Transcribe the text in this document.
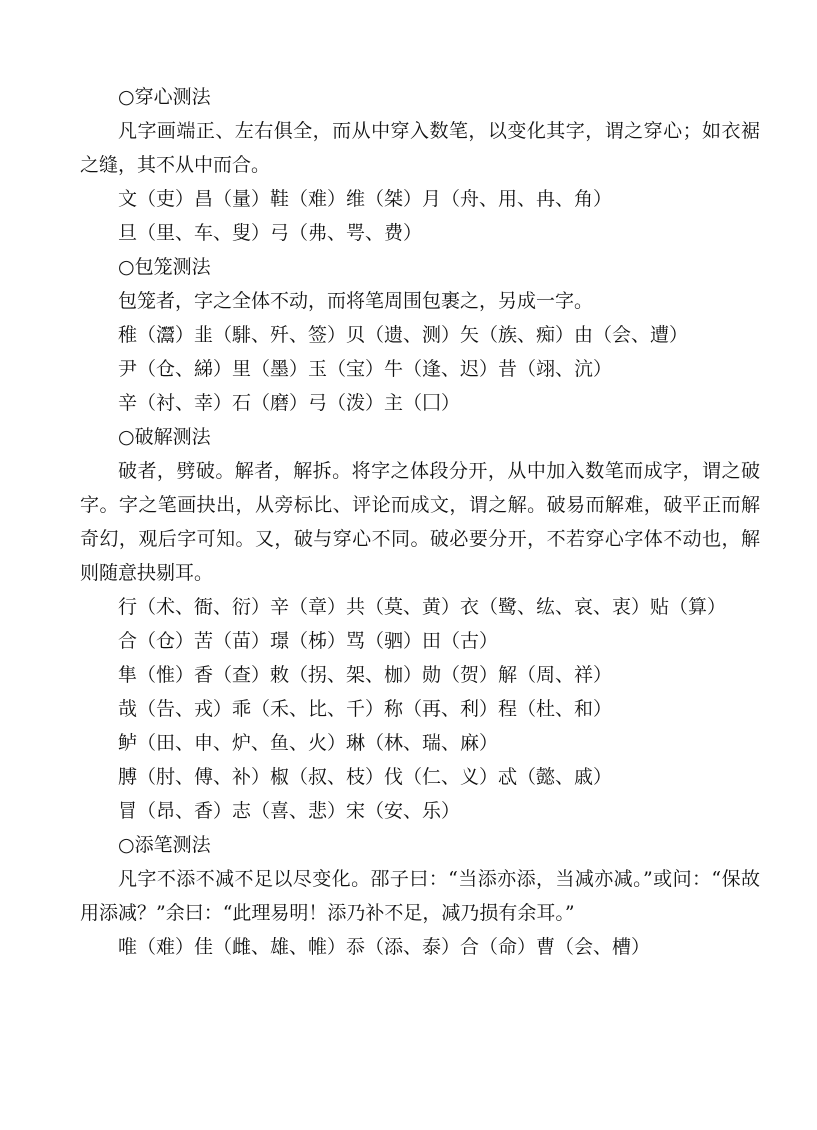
○穿心测法

凡字画端正、左右俱全，而从中穿入数笔，以变化其字，谓之穿心；如衣裾之缝，其不从中而合。

文（吏）昌（量）鞋（难）维（桀）月（舟、用、冉、角）

旦（里、车、叟）弓（弗、咢、费）

○包笼测法

包笼者，字之全体不动，而将笔周围包裹之，另成一字。

稚（灊）韭（騑、歼、签）贝（遗、测）矢（族、痴）由（会、遭）

尹（仓、綈）里（墨）玉（宝）牛（逢、迟）昔（翊、沆）

辛（衬、幸）石（磨）弓（泼）主（囗）

○破解测法

破者，劈破。解者，解拆。将字之体段分开，从中加入数笔而成字，谓之破字。字之笔画抉出，从旁标比、评论而成文，谓之解。破易而解难，破平正而解奇幻，观后字可知。又，破与穿心不同。破必要分开，不若穿心字体不动也，解则随意抉剔耳。

行（术、衙、衍）辛（章）共（莫、黄）衣（鹭、纮、哀、衷）贴（算）

合（仓）苦（苗）璟（柹）骂（驷）田（古）

隼（惟）香（查）敕（拐、架、枷）勋（贺）解（周、祥）

哉（告、戎）乖（禾、比、千）称（再、利）程（杜、和）

鲈（田、申、炉、鱼、火）琳（林、瑞、麻）

膊（肘、傅、补）椒（叔、枝）伐（仁、义）忒（懿、戚）

冒（昂、香）志（喜、悲）宋（安、乐）

○添笔测法

凡字不添不减不足以尽变化。邵子曰：“当添亦添，当减亦减。”或问：“保故用添减？”余曰：“此理易明！添乃补不足，减乃损有余耳。”

唯（难）佳（雌、雄、帷）忝（添、泰）合（命）曹（会、槽）
